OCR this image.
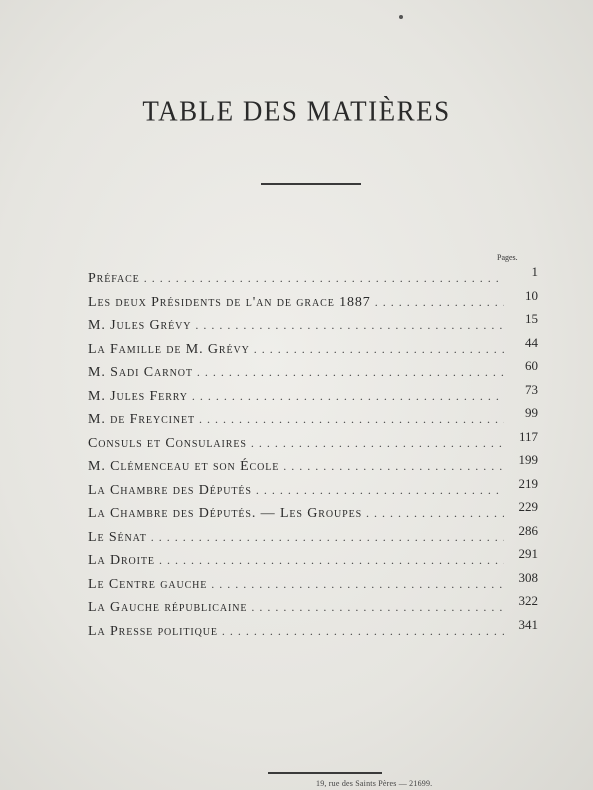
TABLE DES MATIÈRES
Pages.
Préface . . .	1
Les deux Présidents de l'an de grace 1887 . . .	10
M. Jules Grévy . . .	15
La Famille de M. Grévy . . .	44
M. Sadi Carnot . . .	60
M. Jules Ferry . . .	73
M. de Freycinet . . .	99
Consuls et Consulaires . . .	117
M. Clémenceau et son École . . .	199
La Chambre des Députés . . .	219
La Chambre des Députés. — Les Groupes . . .	229
Le Sénat . . .	286
La Droite . . .	291
Le Centre gauche . . .	308
La Gauche républicaine . . .	322
La Presse politique . . .	341
19, rue des Saints Pères — 21699.
